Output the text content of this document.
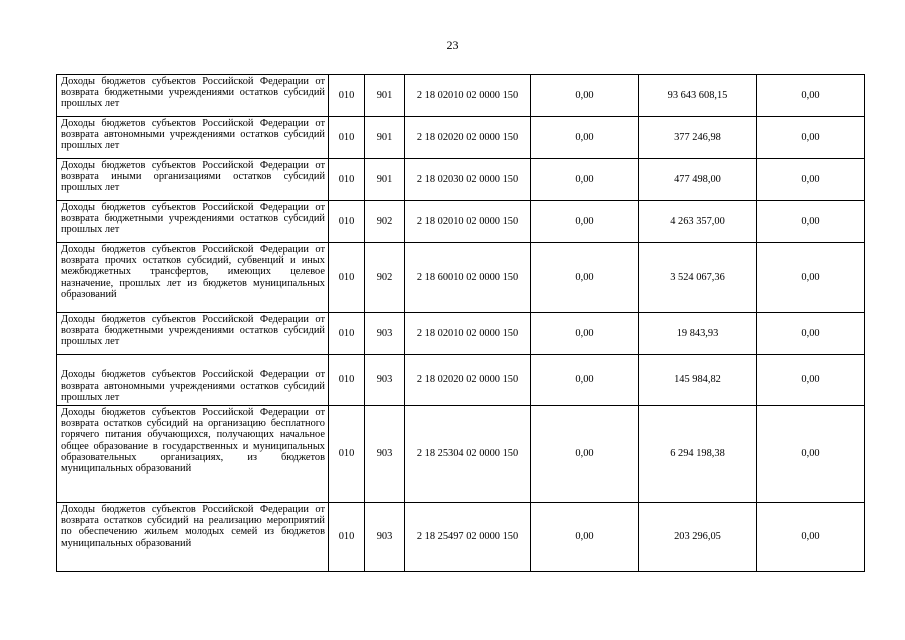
23
Доходы бюджетов субъектов Российской Федерации от возврата бюджетными учреждениями остатков субсидий прошлых лет	010	901	2 18 02010 02 0000 150	0,00	93 643 608,15	0,00
Доходы бюджетов субъектов Российской Федерации от возврата автономными учреждениями остатков субсидий прошлых лет	010	901	2 18 02020 02 0000 150	0,00	377 246,98	0,00
Доходы бюджетов субъектов Российской Федерации от возврата иными организациями остатков субсидий прошлых лет	010	901	2 18 02030 02 0000 150	0,00	477 498,00	0,00
Доходы бюджетов субъектов Российской Федерации от возврата бюджетными учреждениями остатков субсидий прошлых лет	010	902	2 18 02010 02 0000 150	0,00	4 263 357,00	0,00
Доходы бюджетов субъектов Российской Федерации от возврата прочих остатков субсидий, субвенций и иных межбюджетных трансфертов, имеющих целевое назначение, прошлых лет из бюджетов муниципальных образований	010	902	2 18 60010 02 0000 150	0,00	3 524 067,36	0,00
Доходы бюджетов субъектов Российской Федерации от возврата бюджетными учреждениями остатков субсидий прошлых лет	010	903	2 18 02010 02 0000 150	0,00	19 843,93	0,00
Доходы бюджетов субъектов Российской Федерации от возврата автономными учреждениями остатков субсидий прошлых лет	010	903	2 18 02020 02 0000 150	0,00	145 984,82	0,00
Доходы бюджетов субъектов Российской Федерации от возврата остатков субсидий на организацию бесплатного горячего питания обучающихся, получающих начальное общее образование в государственных и муниципальных образовательных организациях, из бюджетов муниципальных образований	010	903	2 18 25304 02 0000 150	0,00	6 294 198,38	0,00
Доходы бюджетов субъектов Российской Федерации от возврата остатков субсидий на реализацию мероприятий по обеспечению жильем молодых семей из бюджетов муниципальных образований	010	903	2 18 25497 02 0000 150	0,00	203 296,05	0,00
